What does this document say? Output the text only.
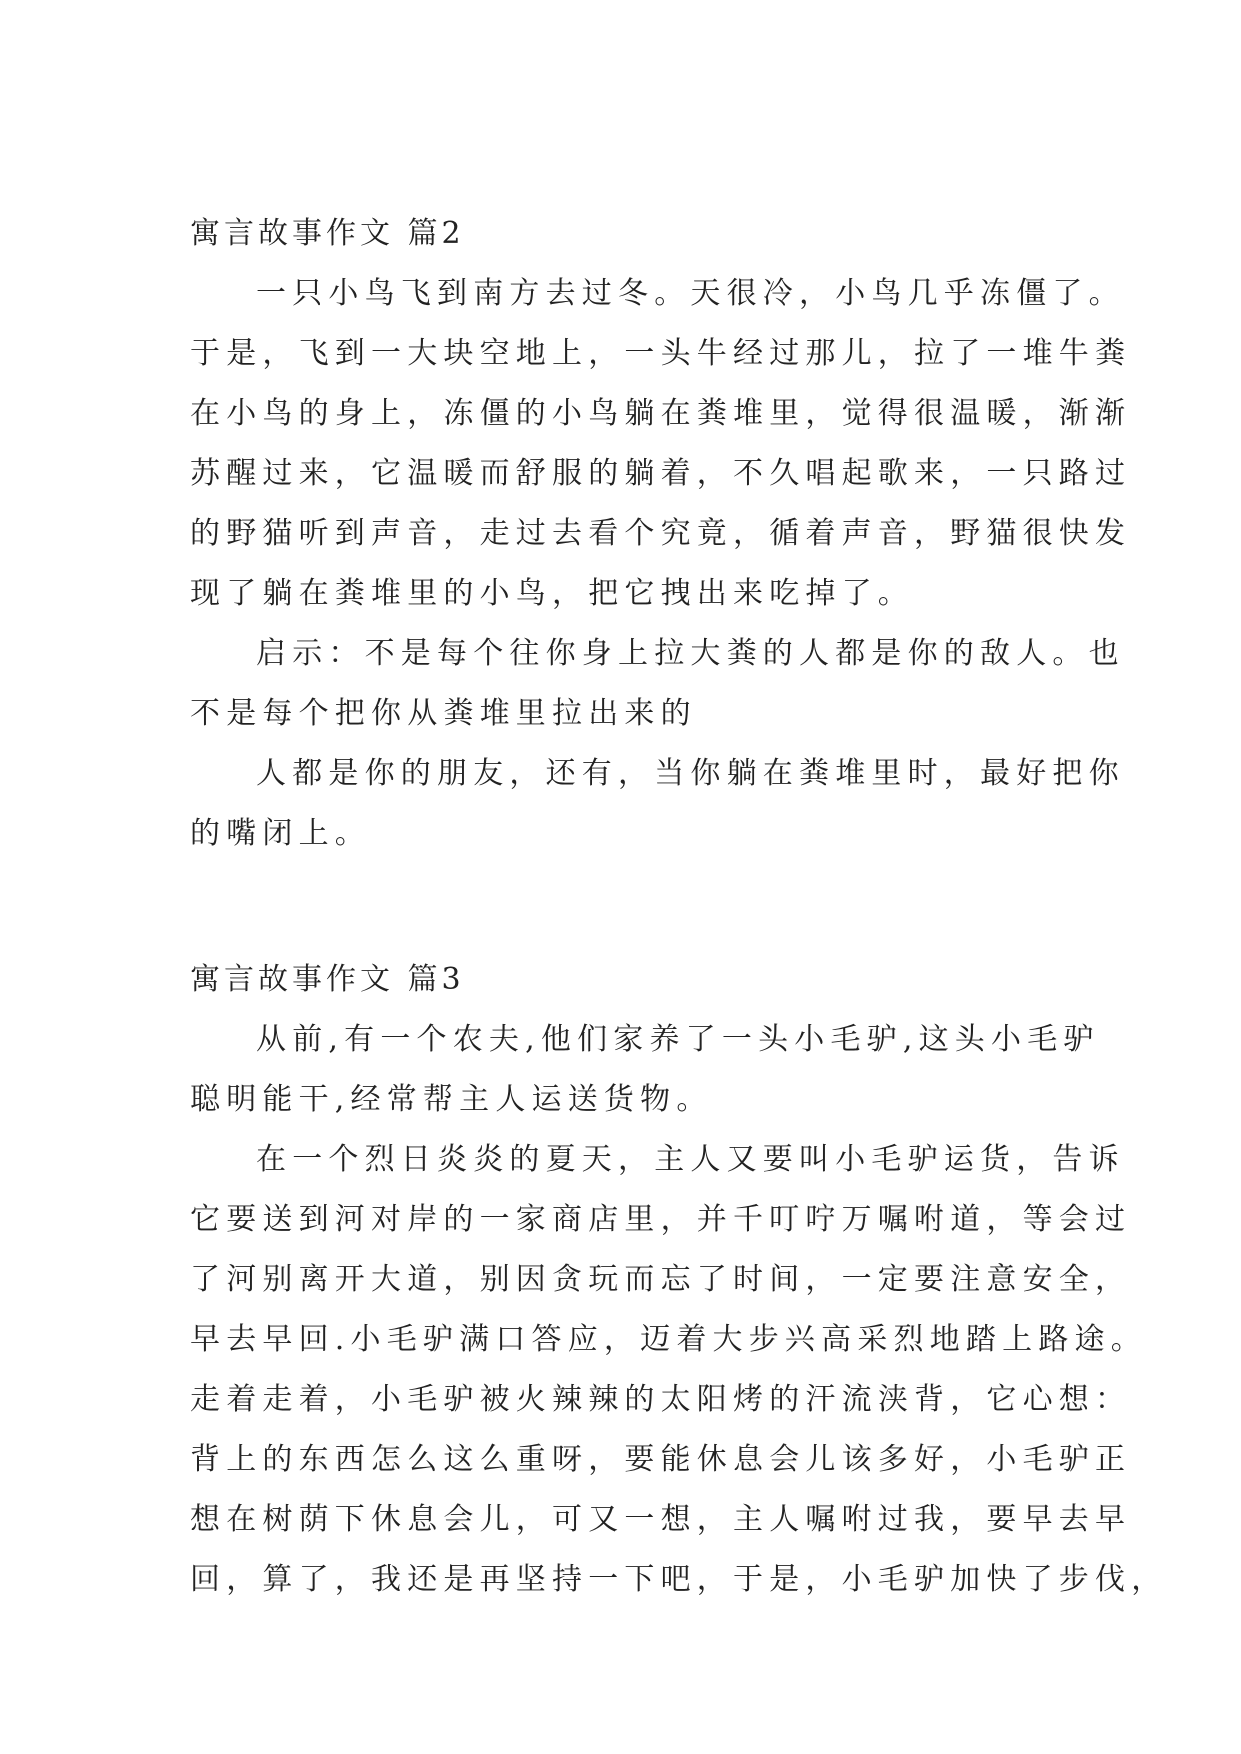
寓言故事作文 篇2

一只小鸟飞到南方去过冬。天很冷，小鸟几乎冻僵了。

于是，飞到一大块空地上，一头牛经过那儿，拉了一堆牛粪

在小鸟的身上，冻僵的小鸟躺在粪堆里，觉得很温暖，渐渐

苏醒过来，它温暖而舒服的躺着，不久唱起歌来，一只路过

的野猫听到声音，走过去看个究竟，循着声音，野猫很快发

现了躺在粪堆里的小鸟，把它拽出来吃掉了。

启示：不是每个往你身上拉大粪的人都是你的敌人。也

不是每个把你从粪堆里拉出来的

人都是你的朋友，还有，当你躺在粪堆里时，最好把你

的嘴闭上。

寓言故事作文 篇3

从前,有一个农夫,他们家养了一头小毛驴,这头小毛驴

聪明能干,经常帮主人运送货物。

在一个烈日炎炎的夏天，主人又要叫小毛驴运货，告诉

它要送到河对岸的一家商店里，并千叮咛万嘱咐道，等会过

了河别离开大道，别因贪玩而忘了时间，一定要注意安全，

早去早回.小毛驴满口答应，迈着大步兴高采烈地踏上路途。

走着走着，小毛驴被火辣辣的太阳烤的汗流浃背，它心想：

背上的东西怎么这么重呀，要能休息会儿该多好，小毛驴正

想在树荫下休息会儿，可又一想，主人嘱咐过我，要早去早

回，算了，我还是再坚持一下吧，于是，小毛驴加快了步伐，
